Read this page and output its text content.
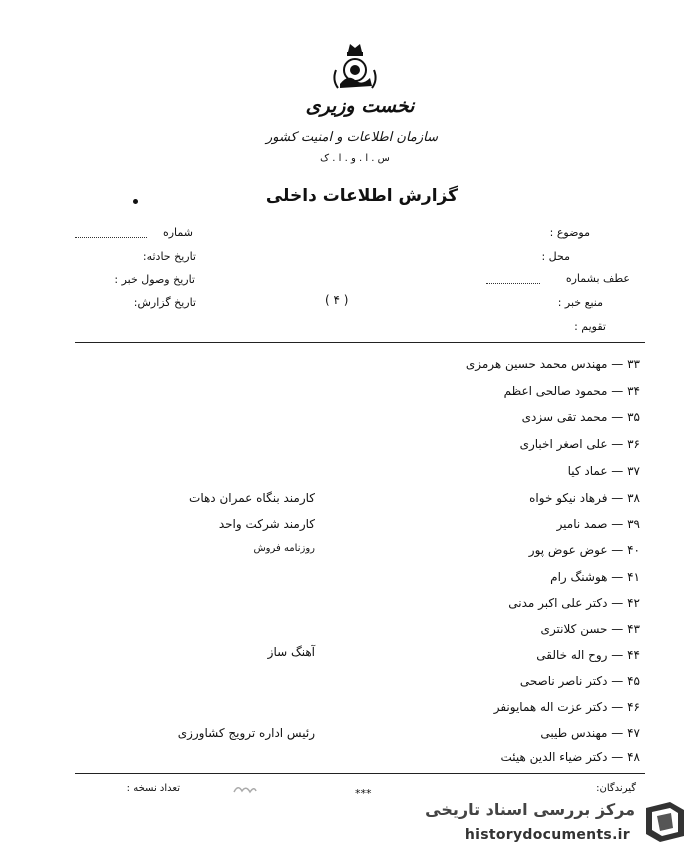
نخست وزیری
سازمان اطلاعات و امنیت کشور
س . ا . و . ا . ک
گزارش اطلاعات داخلی
موضوع :
محل :
عطف بشماره
منبع خبر :
( ۴ )
تقویم :
شماره
تاریخ حادثه:
تاریخ وصول خبر :
تاریخ گزارش:
۳۳ — مهندس محمد حسین هرمزی
۳۴ — محمود صالحی اعظم
۳۵ — محمد تقی سزدی
۳۶ — علی اصغر اخباری
۳۷ — عماد کیا
۳۸ — فرهاد نیکو خواه
کارمند بنگاه عمران دهات
۳۹ — صمد نامیر
کارمند شرکت واحد
۴۰ — عوض عوض پور
روزنامه فروش
۴۱ — هوشنگ رام
۴۲ — دکتر علی اکبر مدنی
۴۳ — حسن کلانتری
۴۴ — روح اله خالقی
آهنگ ساز
۴۵ — دکتر ناصر ناصحی
۴۶ — دکتر عزت اله همایونفر
۴۷ — مهندس طیبی
رئیس اداره ترویج کشاورزی
۴۸ — دکتر ضیاء الدین هیئت
گیرندگان:
تعداد نسخه :	***
مرکز بررسی اسناد تاریخی
historydocuments.ir
